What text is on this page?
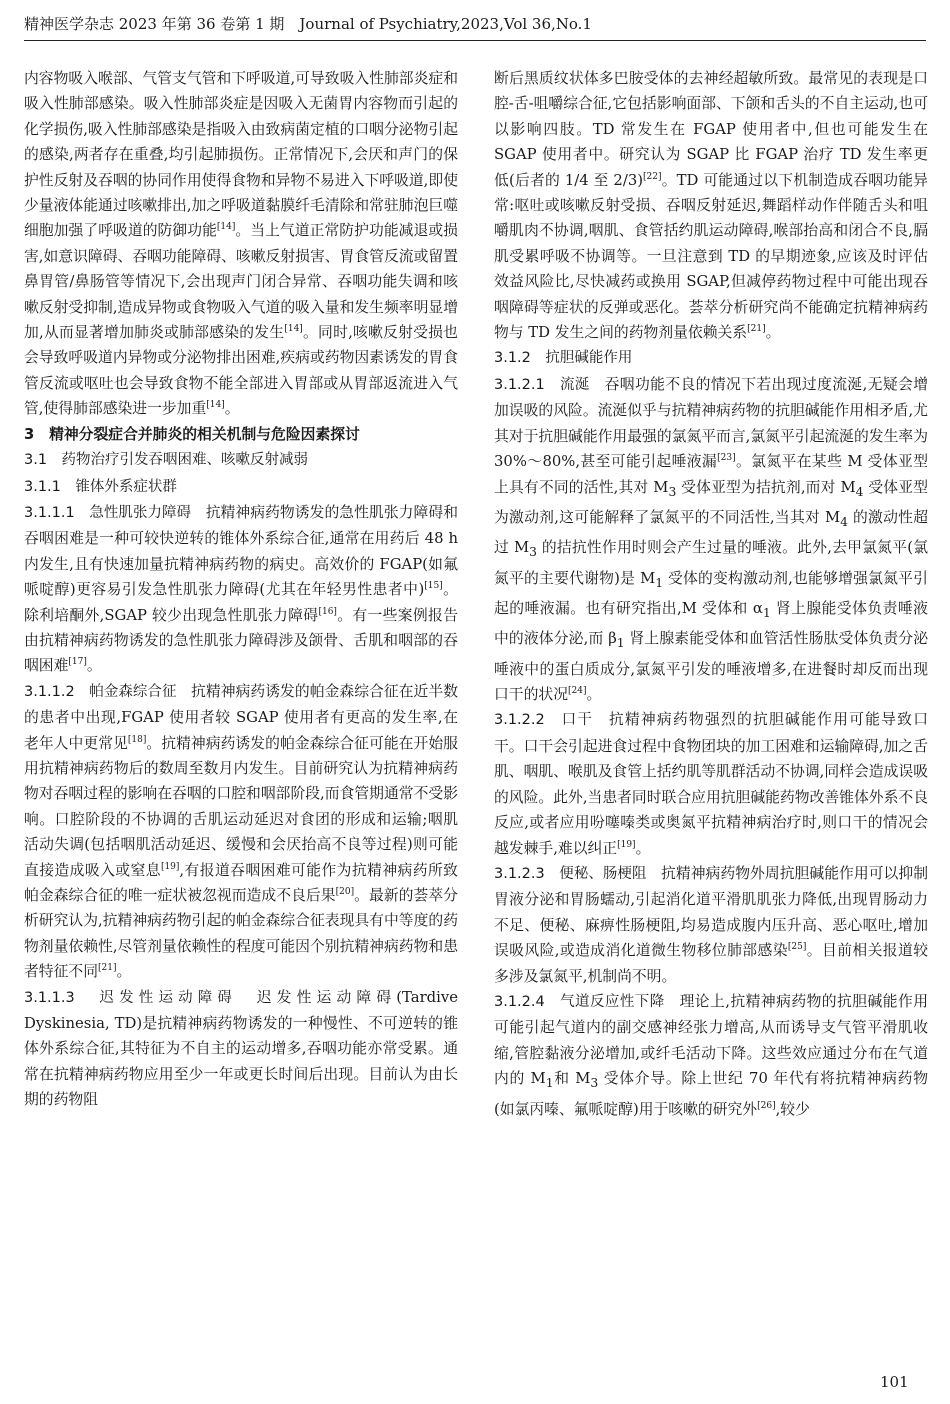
精神医学杂志 2023 年第 36 卷第 1 期　Journal of Psychiatry,2023,Vol 36,No.1

内容物吸入喉部、气管支气管和下呼吸道,可导致吸入性肺部炎症和吸入性肺部感染。吸入性肺部炎症是因吸入无菌胃内容物而引起的化学损伤,吸入性肺部感染是指吸入由致病菌定植的口咽分泌物引起的感染,两者存在重叠,均引起肺损伤。正常情况下,会厌和声门的保护性反射及吞咽的协同作用使得食物和异物不易进入下呼吸道,即使少量液体能通过咳嗽排出,加之呼吸道黏膜纤毛清除和常驻肺泡巨噬细胞加强了呼吸道的防御功能[14]。当上气道正常防护功能减退或损害,如意识障碍、吞咽功能障碍、咳嗽反射损害、胃食管反流或留置鼻胃管/鼻肠管等情况下,会出现声门闭合异常、吞咽功能失调和咳嗽反射受抑制,造成异物或食物吸入气道的吸入量和发生频率明显增加,从而显著增加肺炎或肺部感染的发生[14]。同时,咳嗽反射受损也会导致呼吸道内异物或分泌物排出困难,疾病或药物因素诱发的胃食管反流或呕吐也会导致食物不能全部进入胃部或从胃部返流进入气管,使得肺部感染进一步加重[14]。

3　精神分裂症合并肺炎的相关机制与危险因素探讨

3.1　药物治疗引发吞咽困难、咳嗽反射减弱

3.1.1　锥体外系症状群

3.1.1.1　急性肌张力障碍　抗精神病药物诱发的急性肌张力障碍和吞咽困难是一种可较快逆转的锥体外系综合征,通常在用药后 48 h 内发生,且有快速加量抗精神病药物的病史。高效价的 FGAP(如氟哌啶醇)更容易引发急性肌张力障碍(尤其在年轻男性患者中)[15]。除利培酮外,SGAP 较少出现急性肌张力障碍[16]。有一些案例报告由抗精神病药物诱发的急性肌张力障碍涉及颌骨、舌肌和咽部的吞咽困难[17]。

3.1.1.2　帕金森综合征　抗精神病药诱发的帕金森综合征在近半数的患者中出现,FGAP 使用者较 SGAP 使用者有更高的发生率,在老年人中更常见[18]。抗精神病药诱发的帕金森综合征可能在开始服用抗精神病药物后的数周至数月内发生。目前研究认为抗精神病药物对吞咽过程的影响在吞咽的口腔和咽部阶段,而食管期通常不受影响。口腔阶段的不协调的舌肌运动延迟对食团的形成和运输;咽肌活动失调(包括咽肌活动延迟、缓慢和会厌抬高不良等过程)则可能直接造成吸入或窒息[19],有报道吞咽困难可能作为抗精神病药所致帕金森综合征的唯一症状被忽视而造成不良后果[20]。最新的荟萃分析研究认为,抗精神病药物引起的帕金森综合征表现具有中等度的药物剂量依赖性,尽管剂量依赖性的程度可能因个别抗精神病药物和患者特征不同[21]。

3.1.1.3　迟发性运动障碍　迟发性运动障碍(Tardive Dyskinesia, TD)是抗精神病药物诱发的一种慢性、不可逆转的锥体外系综合征,其特征为不自主的运动增多,吞咽功能亦常受累。通常在抗精神病药物应用至少一年或更长时间后出现。目前认为由长期的药物阻

断后黑质纹状体多巴胺受体的去神经超敏所致。最常见的表现是口腔-舌-咀嚼综合征,它包括影响面部、下颌和舌头的不自主运动,也可以影响四肢。TD 常发生在 FGAP 使用者中,但也可能发生在 SGAP 使用者中。研究认为 SGAP 比 FGAP 治疗 TD 发生率更低(后者的 1/4 至 2/3)[22]。TD 可能通过以下机制造成吞咽功能异常:呕吐或咳嗽反射受损、吞咽反射延迟,舞蹈样动作伴随舌头和咀嚼肌肉不协调,咽肌、食管括约肌运动障碍,喉部抬高和闭合不良,膈肌受累呼吸不协调等。一旦注意到 TD 的早期迹象,应该及时评估效益风险比,尽快减药或换用 SGAP,但减停药物过程中可能出现吞咽障碍等症状的反弹或恶化。荟萃分析研究尚不能确定抗精神病药物与 TD 发生之间的药物剂量依赖关系[21]。

3.1.2　抗胆碱能作用

3.1.2.1　流涎　吞咽功能不良的情况下若出现过度流涎,无疑会增加误吸的风险。流涎似乎与抗精神病药物的抗胆碱能作用相矛盾,尤其对于抗胆碱能作用最强的氯氮平而言,氯氮平引起流涎的发生率为 30%～80%,甚至可能引起唾液漏[23]。氯氮平在某些 M 受体亚型上具有不同的活性,其对 $M_3$ 受体亚型为拮抗剂,而对 $M_4$ 受体亚型为激动剂,这可能解释了氯氮平的不同活性,当其对 $M_4$ 的激动性超过 $M_3$ 的拮抗性作用时则会产生过量的唾液。此外,去甲氯氮平(氯氮平的主要代谢物)是 $M_1$ 受体的变构激动剂,也能够增强氯氮平引起的唾液漏。也有研究指出,M 受体和 $\alpha_1$ 肾上腺能受体负责唾液中的液体分泌,而 $\beta_1$ 肾上腺素能受体和血管活性肠肽受体负责分泌唾液中的蛋白质成分,氯氮平引发的唾液增多,在进餐时却反而出现口干的状况[24]。

3.1.2.2　口干　抗精神病药物强烈的抗胆碱能作用可能导致口干。口干会引起进食过程中食物团块的加工困难和运输障碍,加之舌肌、咽肌、喉肌及食管上括约肌等肌群活动不协调,同样会造成误吸的风险。此外,当患者同时联合应用抗胆碱能药物改善锥体外系不良反应,或者应用吩噻嗪类或奥氮平抗精神病治疗时,则口干的情况会越发棘手,难以纠正[19]。

3.1.2.3　便秘、肠梗阻　抗精神病药物外周抗胆碱能作用可以抑制胃液分泌和胃肠蠕动,引起消化道平滑肌肌张力降低,出现胃肠动力不足、便秘、麻痹性肠梗阻,均易造成腹内压升高、恶心呕吐,增加误吸风险,或造成消化道微生物移位肺部感染[25]。目前相关报道较多涉及氯氮平,机制尚不明。

3.1.2.4　气道反应性下降　理论上,抗精神病药物的抗胆碱能作用可能引起气道内的副交感神经张力增高,从而诱导支气管平滑肌收缩,管腔黏液分泌增加,或纤毛活动下降。这些效应通过分布在气道内的 $M_1$和 $M_3$ 受体介导。除上世纪 70 年代有将抗精神病药物(如氯丙嗪、氟哌啶醇)用于咳嗽的研究外[26],较少

101
